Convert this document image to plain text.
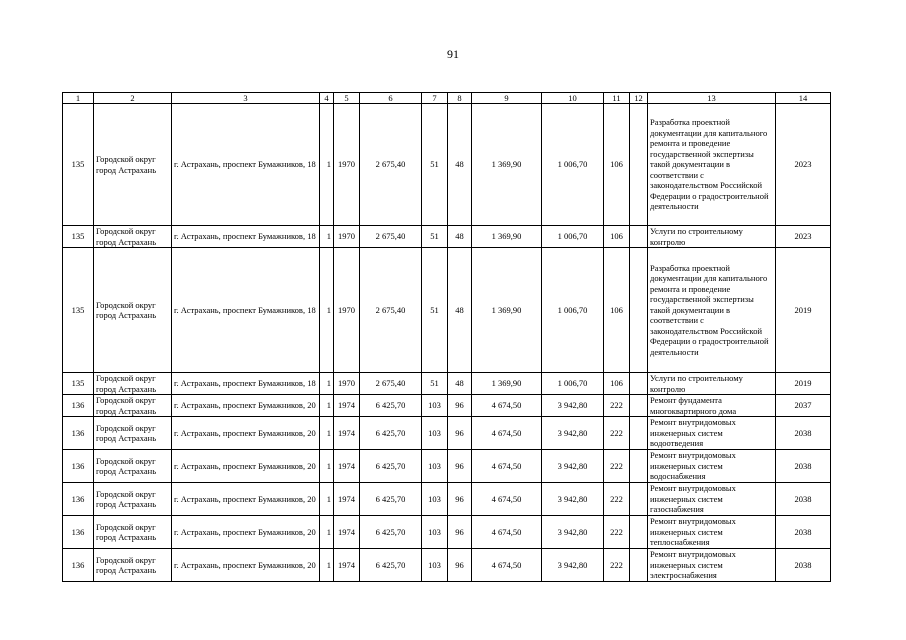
91
1	2	3	4	5	6	7	8	9	10	11	12	13	14
135	Городской округ город Астрахань	г. Астрахань, проспект Бумажников, 18	1	1970	2 675,40	51	48	1 369,90	1 006,70	106		Разработка проектной документации для капитального ремонта и проведение государственной экспертизы такой документации в соответствии с законодательством Российской Федерации о градостроительной деятельности	2023
135	Городской округ город Астрахань	г. Астрахань, проспект Бумажников, 18	1	1970	2 675,40	51	48	1 369,90	1 006,70	106		Услуги по строительному контролю	2023
135	Городской округ город Астрахань	г. Астрахань, проспект Бумажников, 18	1	1970	2 675,40	51	48	1 369,90	1 006,70	106		Разработка проектной документации для капитального ремонта и проведение государственной экспертизы такой документации в соответствии с законодательством Российской Федерации о градостроительной деятельности	2019
135	Городской округ город Астрахань	г. Астрахань, проспект Бумажников, 18	1	1970	2 675,40	51	48	1 369,90	1 006,70	106		Услуги по строительному контролю	2019
136	Городской округ город Астрахань	г. Астрахань, проспект Бумажников, 20	1	1974	6 425,70	103	96	4 674,50	3 942,80	222		Ремонт фундамента многоквартирного дома	2037
136	Городской округ город Астрахань	г. Астрахань, проспект Бумажников, 20	1	1974	6 425,70	103	96	4 674,50	3 942,80	222		Ремонт внутридомовых инженерных систем водоотведения	2038
136	Городской округ город Астрахань	г. Астрахань, проспект Бумажников, 20	1	1974	6 425,70	103	96	4 674,50	3 942,80	222		Ремонт внутридомовых инженерных систем водоснабжения	2038
136	Городской округ город Астрахань	г. Астрахань, проспект Бумажников, 20	1	1974	6 425,70	103	96	4 674,50	3 942,80	222		Ремонт внутридомовых инженерных систем газоснабжения	2038
136	Городской округ город Астрахань	г. Астрахань, проспект Бумажников, 20	1	1974	6 425,70	103	96	4 674,50	3 942,80	222		Ремонт внутридомовых инженерных систем теплоснабжения	2038
136	Городской округ город Астрахань	г. Астрахань, проспект Бумажников, 20	1	1974	6 425,70	103	96	4 674,50	3 942,80	222		Ремонт внутридомовых инженерных систем электроснабжения	2038
